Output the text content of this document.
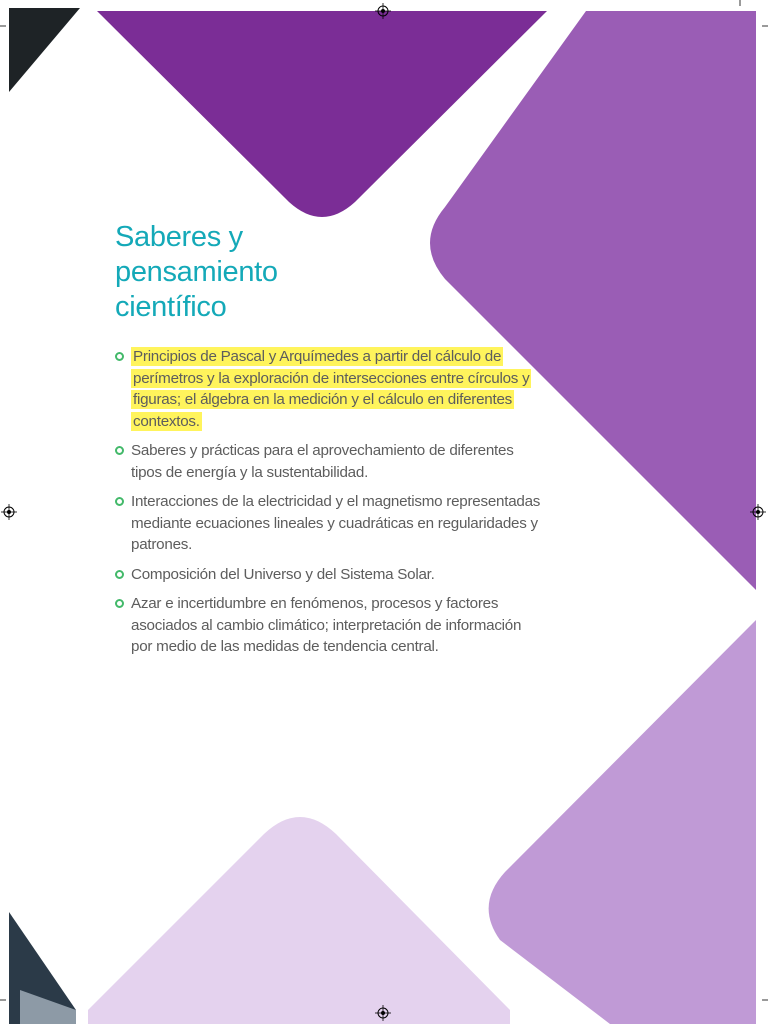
Saberes y
pensamiento
científico
Principios de Pascal y Arquímedes a partir del cálculo de perímetros y la exploración de intersecciones entre círculos y figuras; el álgebra en la medición y el cálculo en diferentes contextos.
Saberes y prácticas para el aprovechamiento de diferentes tipos de energía y la sustentabilidad.
Interacciones de la electricidad y el magnetismo representadas mediante ecuaciones lineales y cuadráticas en regularidades y patrones.
Composición del Universo y del Sistema Solar.
Azar e incertidumbre en fenómenos, procesos y factores asociados al cambio climático; interpretación de información por medio de las medidas de tendencia central.
